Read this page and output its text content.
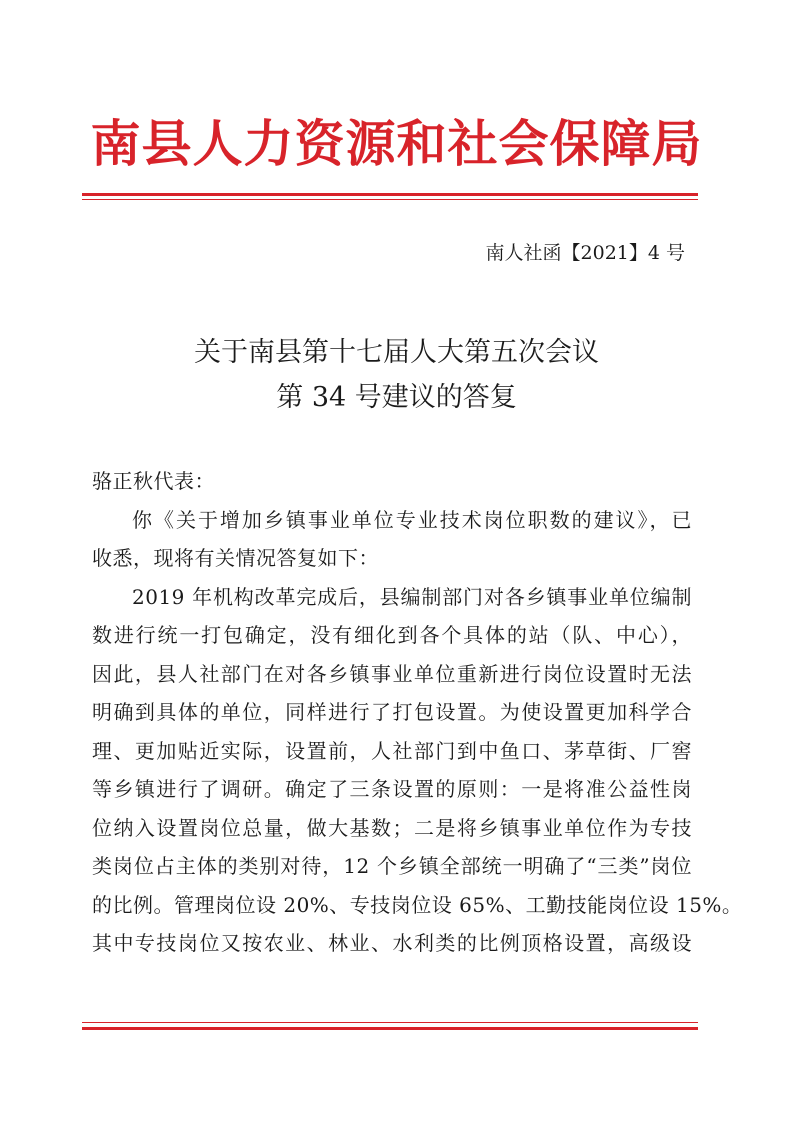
南县人力资源和社会保障局
南人社函【2021】4 号
关于南县第十七届人大第五次会议
第 34 号建议的答复
骆正秋代表：
你《关于增加乡镇事业单位专业技术岗位职数的建议》，已
收悉，现将有关情况答复如下：
2019 年机构改革完成后，县编制部门对各乡镇事业单位编制
数进行统一打包确定，没有细化到各个具体的站（队、中心），
因此，县人社部门在对各乡镇事业单位重新进行岗位设置时无法
明确到具体的单位，同样进行了打包设置。为使设置更加科学合
理、更加贴近实际，设置前，人社部门到中鱼口、茅草街、厂窖
等乡镇进行了调研。确定了三条设置的原则：一是将准公益性岗
位纳入设置岗位总量，做大基数；二是将乡镇事业单位作为专技
类岗位占主体的类别对待，12 个乡镇全部统一明确了“三类”岗位
的比例。管理岗位设 20%、专技岗位设 65%、工勤技能岗位设 15%。
其中专技岗位又按农业、林业、水利类的比例顶格设置，高级设
